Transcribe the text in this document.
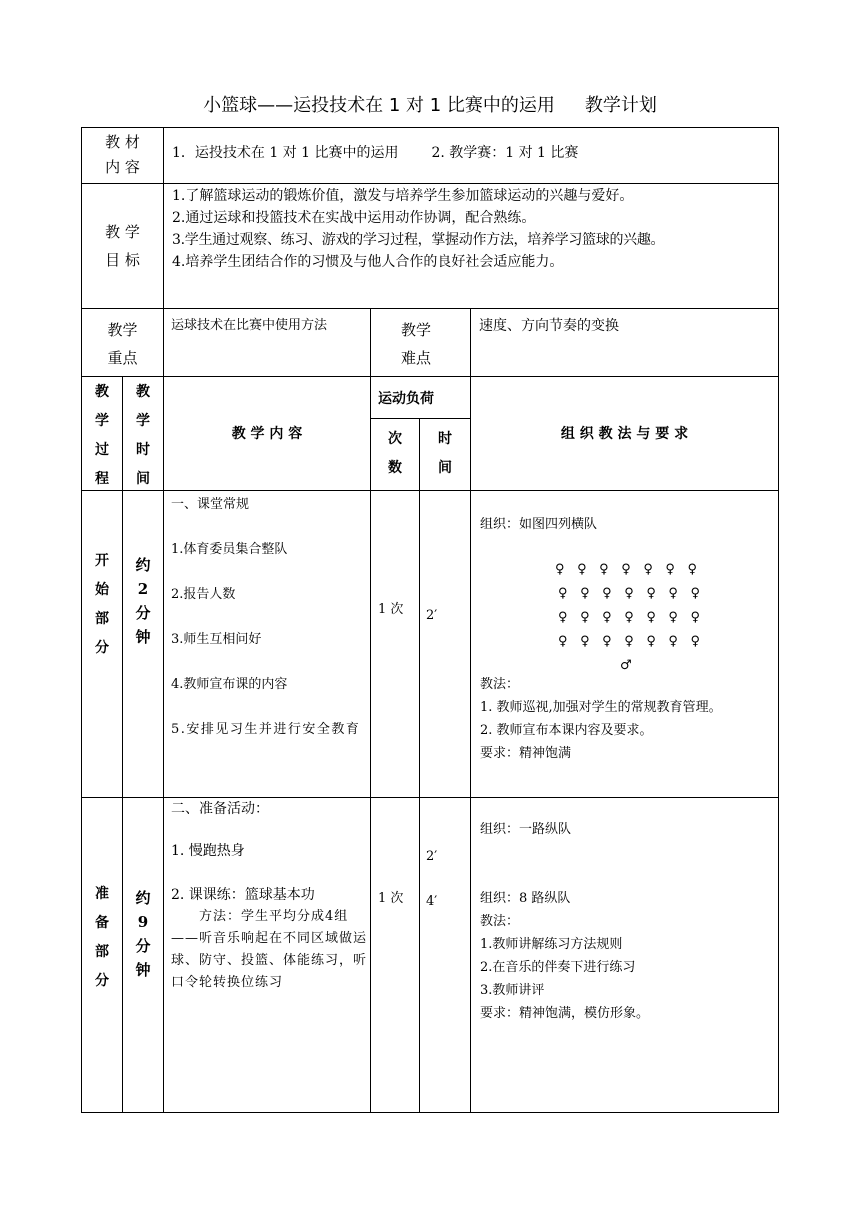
小篮球——运投技术在 1 对 1 比赛中的运用 教学计划
教 材
内 容
1．运投技术在 1 对 1 比赛中的运用 2. 教学赛：1 对 1 比赛
教 学
目 标
1.了解篮球运动的锻炼价值，激发与培养学生参加篮球运动的兴趣与爱好。
2.通过运球和投篮技术在实战中运用动作协调，配合熟练。
3.学生通过观察、练习、游戏的学习过程，掌握动作方法，培养学习篮球的兴趣。
4.培养学生团结合作的习惯及与他人合作的良好社会适应能力。
教学
重点
运球技术在比赛中使用方法	教学
难点
速度、方向节奏的变换
教
学
过
程
教
学
时
间
教 学 内 容
运动负荷
次
数
时
间
组 织 教 法 与 要 求
开
始
部
分
约
2
分
钟
一、课堂常规
1.体育委员集合整队
2.报告人数
3.师生互相问好
4.教师宣布课的内容
5.安排见习生并进行安全教育
1 次	2′
组织：如图四列横队
♀ ♀ ♀ ♀ ♀ ♀ ♀
♀ ♀ ♀ ♀ ♀ ♀ ♀
♀ ♀ ♀ ♀ ♀ ♀ ♀
♀ ♀ ♀ ♀ ♀ ♀ ♀
♂
教法：
1. 教师巡视,加强对学生的常规教育管理。
2. 教师宣布本课内容及要求。
要求：精神饱满
准
备
部
分
约
9
分
钟
二、准备活动：
1. 慢跑热身
2. 课课练：篮球基本功
方法：学生平均分成4组——听音乐响起在不同区域做运球、防守、投篮、体能练习，听口令轮转换位练习
1 次
2′
4′
组织：一路纵队
组织：8 路纵队
教法：
1.教师讲解练习方法规则
2.在音乐的伴奏下进行练习
3.教师讲评
要求：精神饱满，模仿形象。
